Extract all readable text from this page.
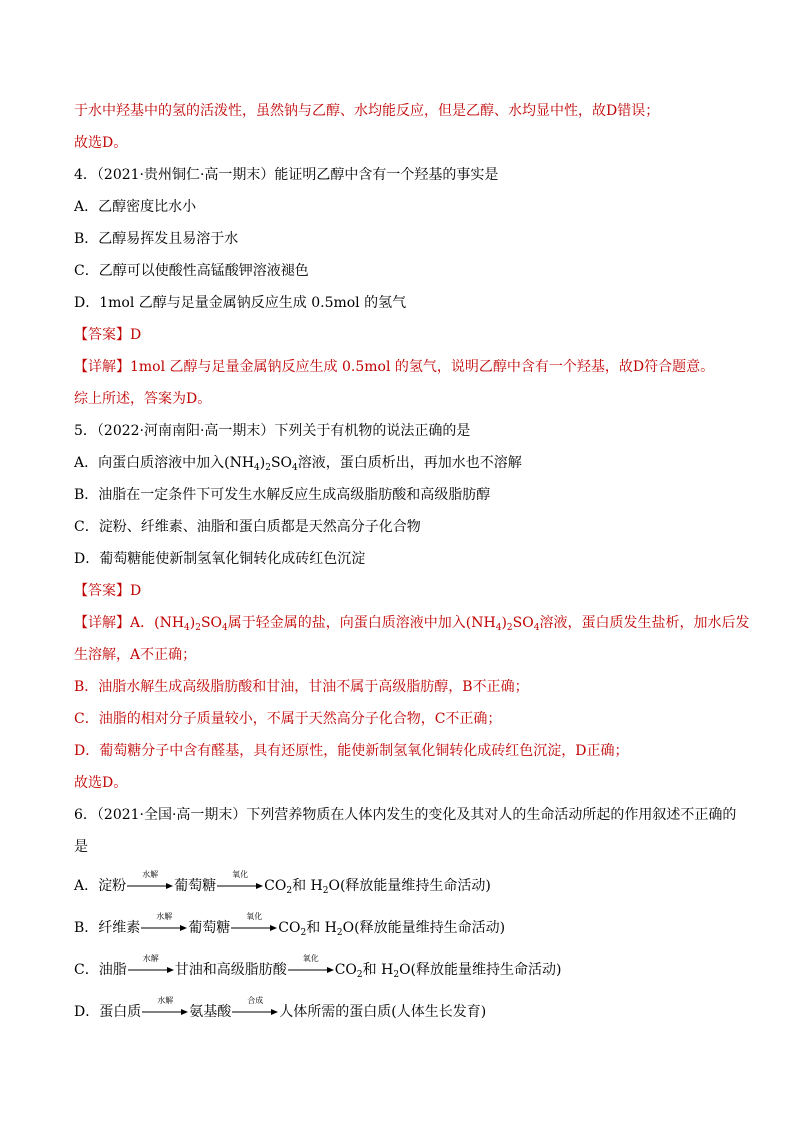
于水中羟基中的氢的活泼性，虽然钠与乙醇、水均能反应，但是乙醇、水均显中性，故D错误；
故选D。
4．（2021·贵州铜仁·高一期末）能证明乙醇中含有一个羟基的事实是
A．乙醇密度比水小
B．乙醇易挥发且易溶于水
C．乙醇可以使酸性高锰酸钾溶液褪色
D．1mol 乙醇与足量金属钠反应生成 0.5mol 的氢气
【答案】D
【详解】1mol 乙醇与足量金属钠反应生成 0.5mol 的氢气，说明乙醇中含有一个羟基，故D符合题意。
综上所述，答案为D。
5．（2022·河南南阳·高一期末）下列关于有机物的说法正确的是
A．向蛋白质溶液中加入$(NH_4)_2SO_4$溶液，蛋白质析出，再加水也不溶解
B．油脂在一定条件下可发生水解反应生成高级脂肪酸和高级脂肪醇
C．淀粉、纤维素、油脂和蛋白质都是天然高分子化合物
D．葡萄糖能使新制氢氧化铜转化成砖红色沉淀
【答案】D
【详解】A．$(NH_4)_2SO_4$属于轻金属的盐，向蛋白质溶液中加入$(NH_4)_2SO_4$溶液，蛋白质发生盐析，加水后发
生溶解，A不正确；
B．油脂水解生成高级脂肪酸和甘油，甘油不属于高级脂肪醇，B不正确；
C．油脂的相对分子质量较小，不属于天然高分子化合物，C不正确；
D．葡萄糖分子中含有醛基，具有还原性，能使新制氢氧化铜转化成砖红色沉淀，D正确；
故选D。
6．（2021·全国·高一期末）下列营养物质在人体内发生的变化及其对人的生命活动所起的作用叙述不正确的
是
A．淀粉
水解
葡萄糖
氧化
$CO_2$和 $H_2O$(释放能量维持生命活动)
B．纤维素
水解
葡萄糖
氧化
$CO_2$和 $H_2O$(释放能量维持生命活动)
C．油脂
水解
甘油和高级脂肪酸
氧化
$CO_2$和 $H_2O$(释放能量维持生命活动)
D．蛋白质
水解
氨基酸
合成
人体所需的蛋白质(人体生长发育)
